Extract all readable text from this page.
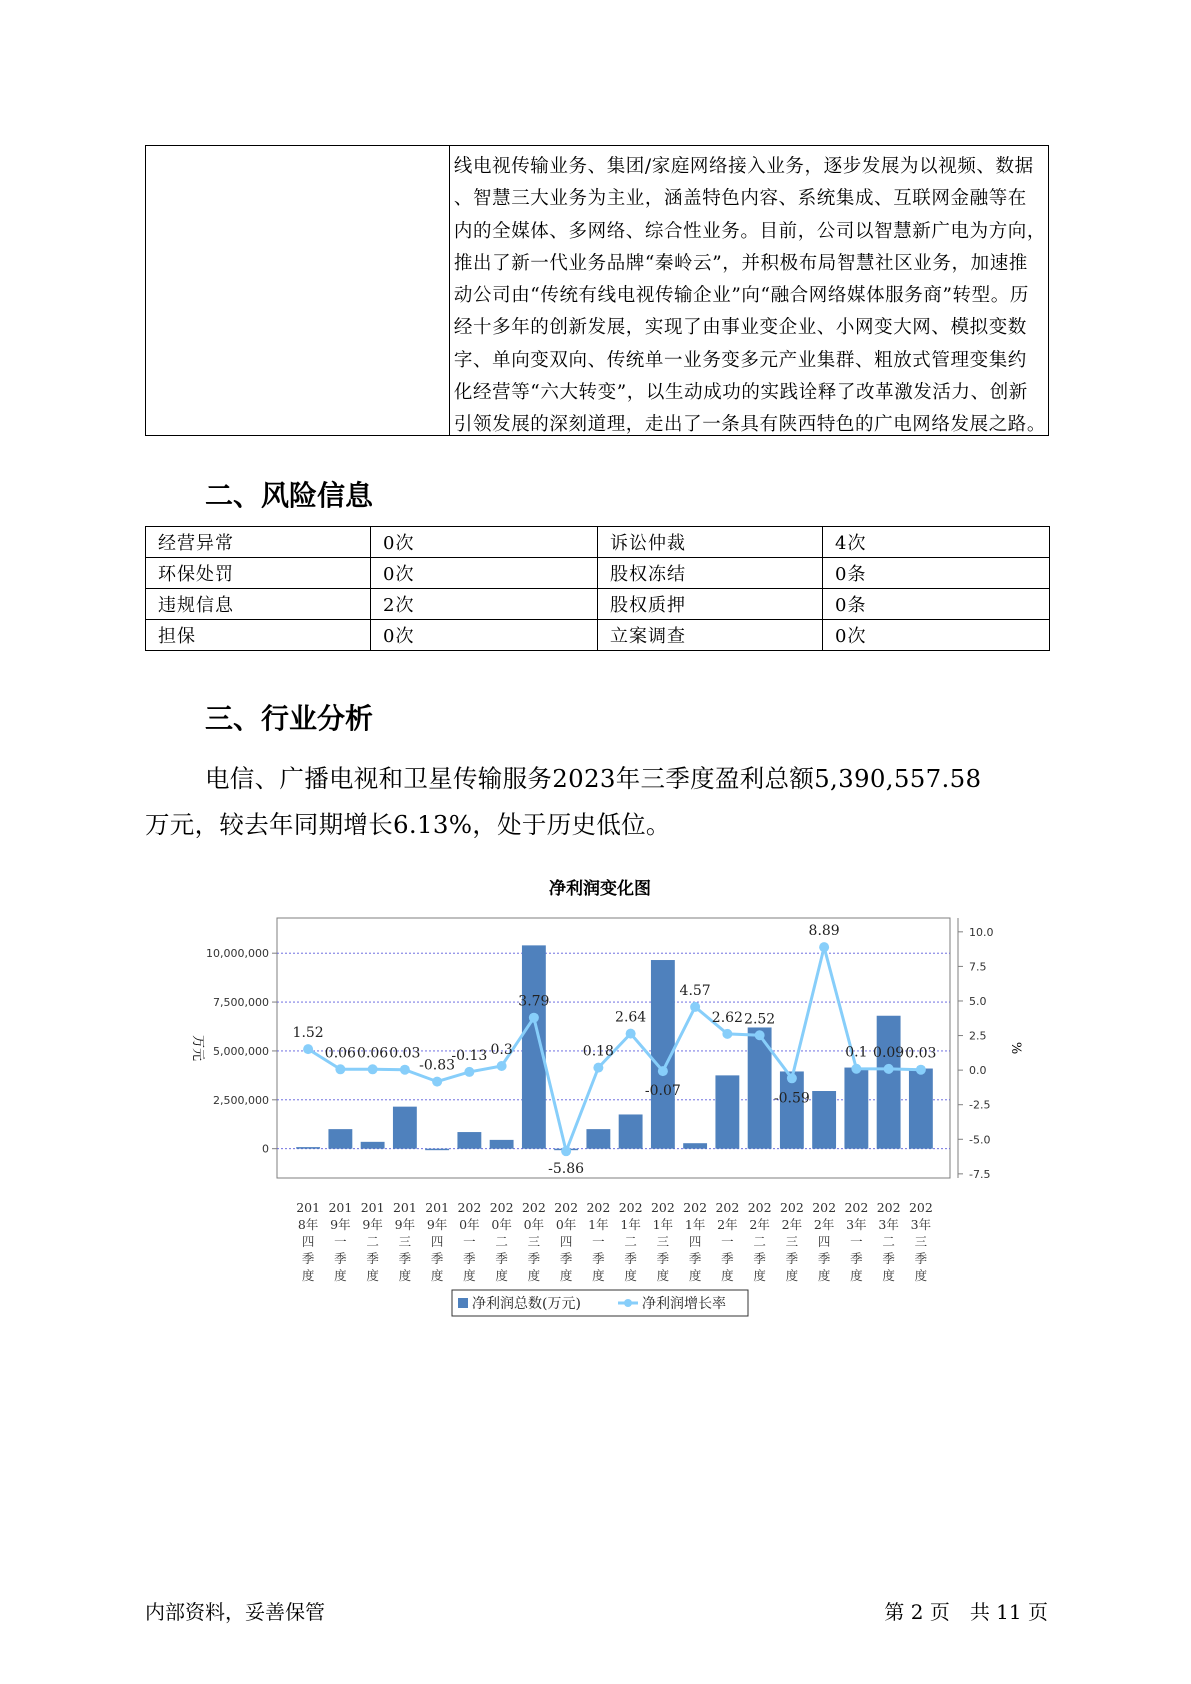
线电视传输业务、集团/家庭网络接入业务，逐步发展为以视频、数据
、智慧三大业务为主业，涵盖特色内容、系统集成、互联网金融等在
内的全媒体、多网络、综合性业务。目前，公司以智慧新广电为方向，
推出了新一代业务品牌“秦岭云”，并积极布局智慧社区业务，加速推
动公司由“传统有线电视传输企业”向“融合网络媒体服务商”转型。历
经十多年的创新发展，实现了由事业变企业、小网变大网、模拟变数
字、单向变双向、传统单一业务变多元产业集群、粗放式管理变集约
化经营等“六大转变”，以生动成功的实践诠释了改革激发活力、创新
引领发展的深刻道理，走出了一条具有陕西特色的广电网络发展之路。
二、风险信息
经营异常	0次	诉讼仲裁	4次
环保处罚	0次	股权冻结	0条
违规信息	2次	股权质押	0条
担保	0次	立案调查	0次
三、行业分析
电信、广播电视和卫星传输服务2023年三季度盈利总额5,390,557.58
万元，较去年同期增长6.13%，处于历史低位。
净利润变化图
0
2,500,000
5,000,000
7,500,000
10,000,000
-7.5
-5.0
-2.5
0.0
2.5
5.0
7.5
10.0
1.52
0.06 0.06 0.03
-0.83
-0.13 0.3
3.79
-5.86
0.18
2.64
-0.07
4.57
2.62 2.52
-0.59
8.89
0.1 0.09 0.03
201 8年四季度
201 9年一季度
201 9年二季度
201 9年三季度
201 9年四季度
202 0年一季度
202 0年二季度
202 0年三季度
202 0年四季度
202 1年一季度
202 1年二季度
202 1年三季度
202 1年四季度
202 2年一季度
202 2年二季度
202 2年三季度
202 2年四季度
202 3年一季度
202 3年二季度
202 3年三季度
万元	%
净利润总数(万元)	净利润增长率
内部资料，妥善保管	第 2 页　共 11 页
